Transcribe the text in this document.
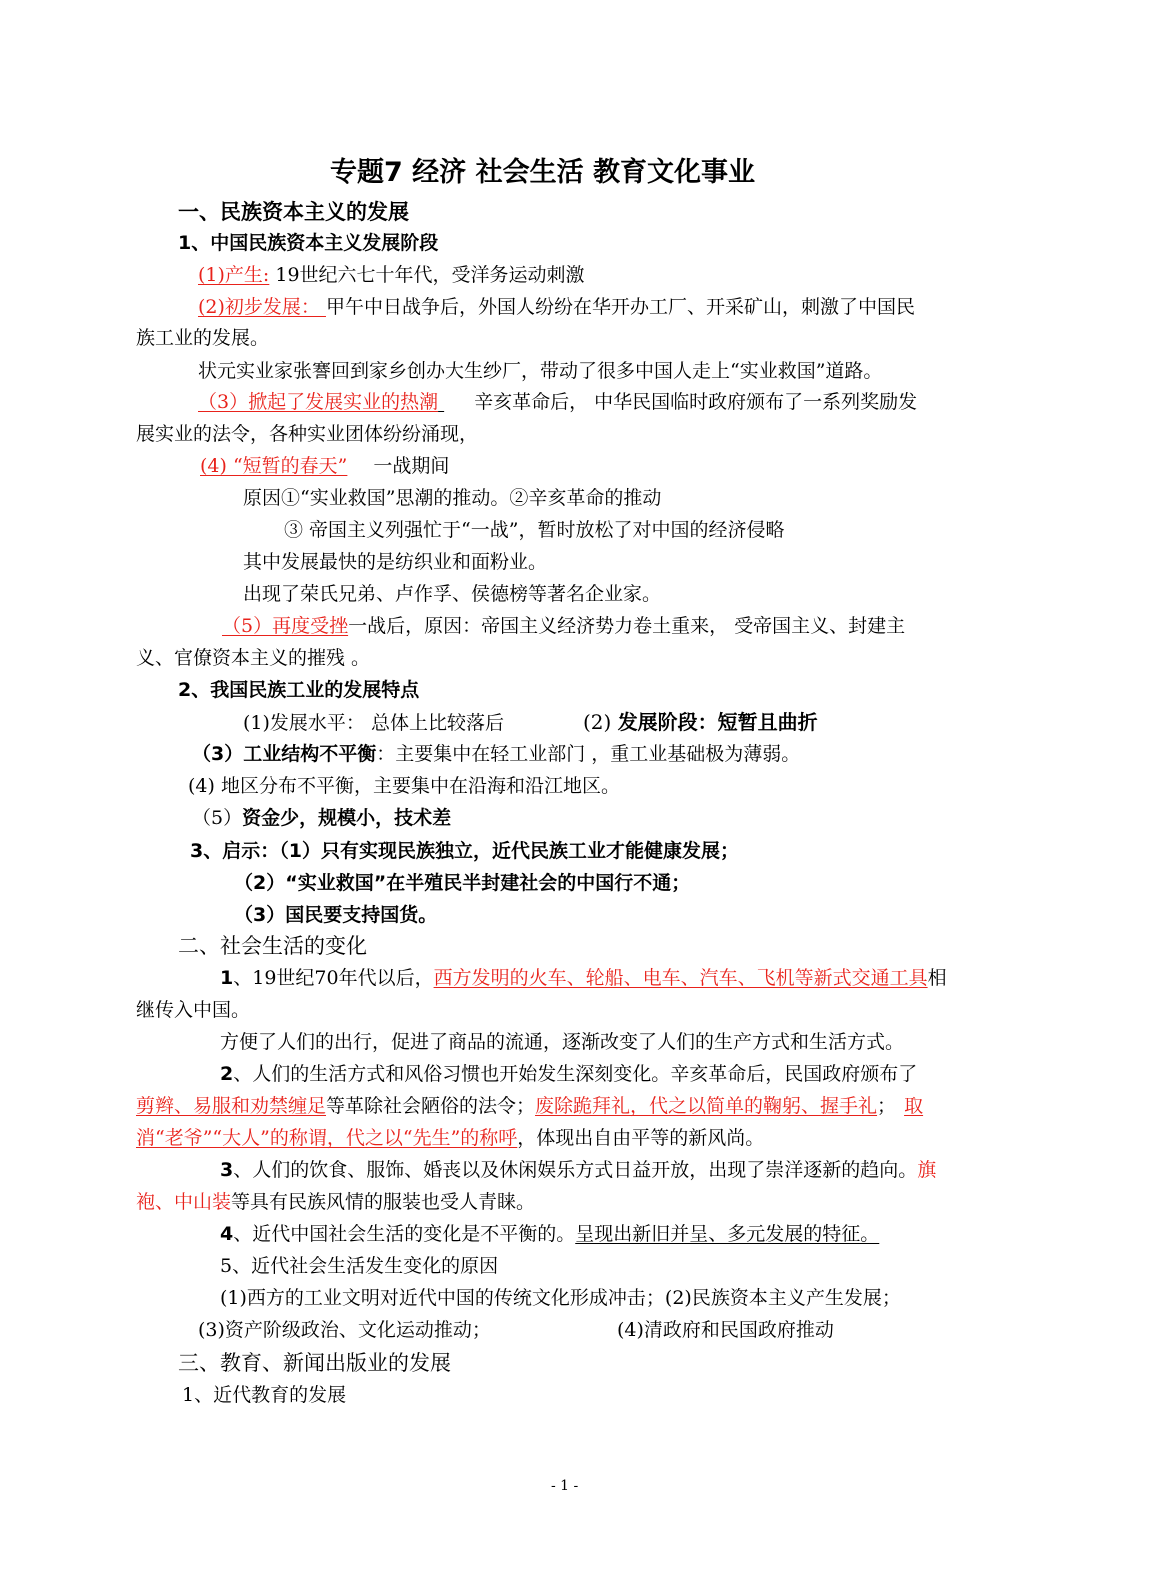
专题7 经济 社会生活 教育文化事业
一、民族资本主义的发展
1、中国民族资本主义发展阶段
(1)产生: 19世纪六七十年代，受洋务运动刺激
(2)初步发展： 甲午中日战争后，外国人纷纷在华开办工厂、开采矿山，刺激了中国民
族工业的发展。
状元实业家张謇回到家乡创办大生纱厂，带动了很多中国人走上“实业救国”道路。
（3）掀起了发展实业的热潮 辛亥革命后， 中华民国临时政府颁布了一系列奖励发
展实业的法令，各种实业团体纷纷涌现，
(4) “短暂的春天” 一战期间
原因①“实业救国”思潮的推动。②辛亥革命的推动
③ 帝国主义列强忙于“一战”，暂时放松了对中国的经济侵略
其中发展最快的是纺织业和面粉业。
出现了荣氏兄弟、卢作孚、侯德榜等著名企业家。
（5）再度受挫一战后，原因：帝国主义经济势力卷土重来， 受帝国主义、封建主
义、官僚资本主义的摧残 。
2、我国民族工业的发展特点
(1)发展水平： 总体上比较落后	(2) 发展阶段：短暂且曲折
（3）工业结构不平衡：主要集中在轻工业部门 ，重工业基础极为薄弱。
(4) 地区分布不平衡，主要集中在沿海和沿江地区。
（5）资金少，规模小，技术差
3、启示：（1）只有实现民族独立，近代民族工业才能健康发展；
（2）“实业救国”在半殖民半封建社会的中国行不通；
（3）国民要支持国货。
二、社会生活的变化
1、19世纪70年代以后，西方发明的火车、轮船、电车、汽车、飞机等新式交通工具相
继传入中国。
方便了人们的出行，促进了商品的流通，逐渐改变了人们的生产方式和生活方式。
2、人们的生活方式和风俗习惯也开始发生深刻变化。辛亥革命后，民国政府颁布了
剪辫、易服和劝禁缠足等革除社会陋俗的法令；废除跪拜礼，代之以简单的鞠躬、握手礼； 取
消“老爷”“大人”的称谓，代之以“先生”的称呼，体现出自由平等的新风尚。
3、人们的饮食、服饰、婚丧以及休闲娱乐方式日益开放，出现了崇洋逐新的趋向。旗
袍、中山装等具有民族风情的服装也受人青睐。
4、近代中国社会生活的变化是不平衡的。呈现出新旧并呈、多元发展的特征。
5、近代社会生活发生变化的原因
(1)西方的工业文明对近代中国的传统文化形成冲击；(2)民族资本主义产生发展；
(3)资产阶级政治、文化运动推动；	(4)清政府和民国政府推动
三、教育、新闻出版业的发展
1、近代教育的发展
- 1 -
